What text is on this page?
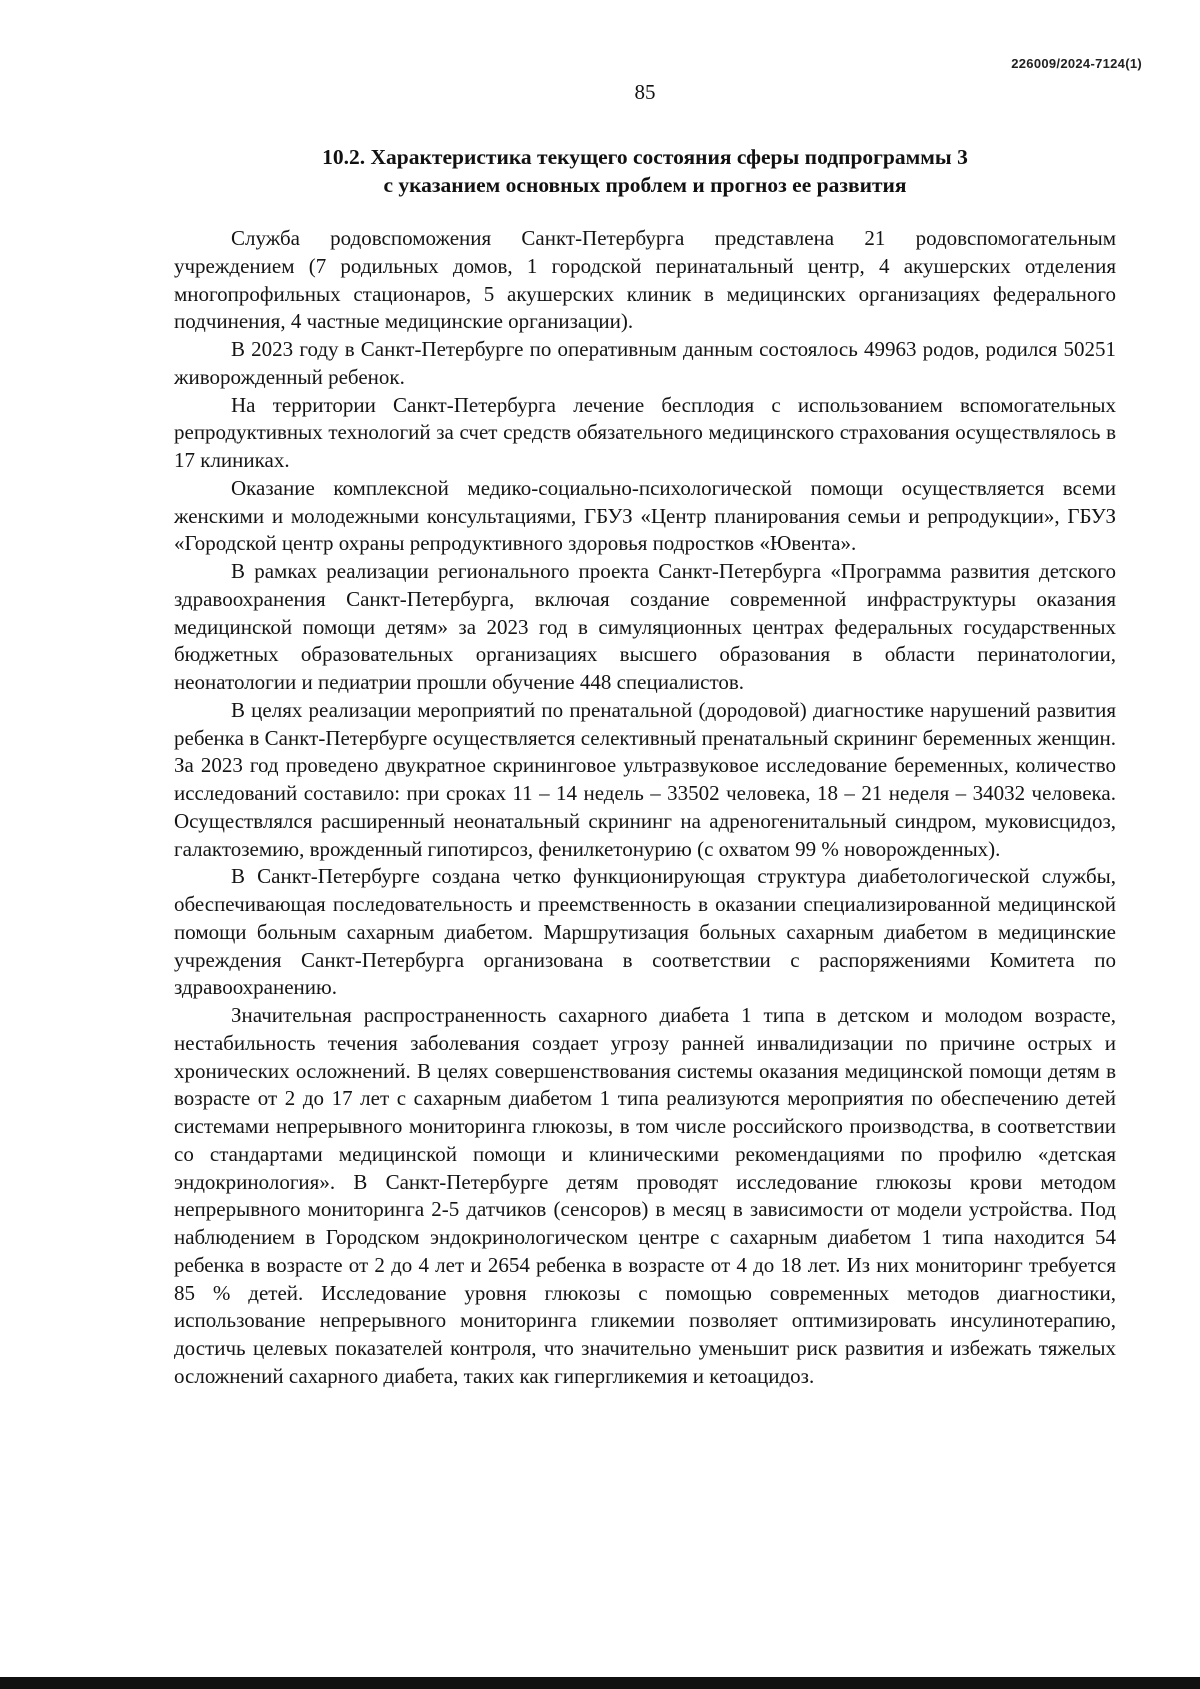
226009/2024-7124(1)
85
10.2. Характеристика текущего состояния сферы подпрограммы 3
с указанием основных проблем и прогноз ее развития

Служба родовспоможения Санкт-Петербурга представлена 21 родовспомогательным учреждением (7 родильных домов, 1 городской перинатальный центр, 4 акушерских отделения многопрофильных стационаров, 5 акушерских клиник в медицинских организациях федерального подчинения, 4 частные медицинские организации).

В 2023 году в Санкт-Петербурге по оперативным данным состоялось 49963 родов, родился 50251 живорожденный ребенок.

На территории Санкт-Петербурга лечение бесплодия с использованием вспомогательных репродуктивных технологий за счет средств обязательного медицинского страхования осуществлялось в 17 клиниках.

Оказание комплексной медико-социально-психологической помощи осуществляется всеми женскими и молодежными консультациями, ГБУЗ «Центр планирования семьи и репродукции», ГБУЗ «Городской центр охраны репродуктивного здоровья подростков «Ювента».

В рамках реализации регионального проекта Санкт-Петербурга «Программа развития детского здравоохранения Санкт-Петербурга, включая создание современной инфраструктуры оказания медицинской помощи детям» за 2023 год в симуляционных центрах федеральных государственных бюджетных образовательных организациях высшего образования в области перинатологии, неонатологии и педиатрии прошли обучение 448 специалистов.

В целях реализации мероприятий по пренатальной (дородовой) диагностике нарушений развития ребенка в Санкт-Петербурге осуществляется селективный пренатальный скрининг беременных женщин. За 2023 год проведено двукратное скрининговое ультразвуковое исследование беременных, количество исследований составило: при сроках 11 – 14 недель – 33502 человека, 18 – 21 неделя – 34032 человека. Осуществлялся расширенный неонатальный скрининг на адреногенитальный синдром, муковисцидоз, галактоземию, врожденный гипотирсоз, фенилкетонурию (с охватом 99 % новорожденных).

В Санкт-Петербурге создана четко функционирующая структура диабетологической службы, обеспечивающая последовательность и преемственность в оказании специализированной медицинской помощи больным сахарным диабетом. Маршрутизация больных сахарным диабетом в медицинские учреждения Санкт-Петербурга организована в соответствии с распоряжениями Комитета по здравоохранению.

Значительная распространенность сахарного диабета 1 типа в детском и молодом возрасте, нестабильность течения заболевания создает угрозу ранней инвалидизации по причине острых и хронических осложнений. В целях совершенствования системы оказания медицинской помощи детям в возрасте от 2 до 17 лет с сахарным диабетом 1 типа реализуются мероприятия по обеспечению детей системами непрерывного мониторинга глюкозы, в том числе российского производства, в соответствии со стандартами медицинской помощи и клиническими рекомендациями по профилю «детская эндокринология». В Санкт-Петербурге детям проводят исследование глюкозы крови методом непрерывного мониторинга 2-5 датчиков (сенсоров) в месяц в зависимости от модели устройства. Под наблюдением в Городском эндокринологическом центре с сахарным диабетом 1 типа находится 54 ребенка в возрасте от 2 до 4 лет и 2654 ребенка в возрасте от 4 до 18 лет. Из них мониторинг требуется 85 % детей. Исследование уровня глюкозы с помощью современных методов диагностики, использование непрерывного мониторинга гликемии позволяет оптимизировать инсулинотерапию, достичь целевых показателей контроля, что значительно уменьшит риск развития и избежать тяжелых осложнений сахарного диабета, таких как гипергликемия и кетоацидоз.
